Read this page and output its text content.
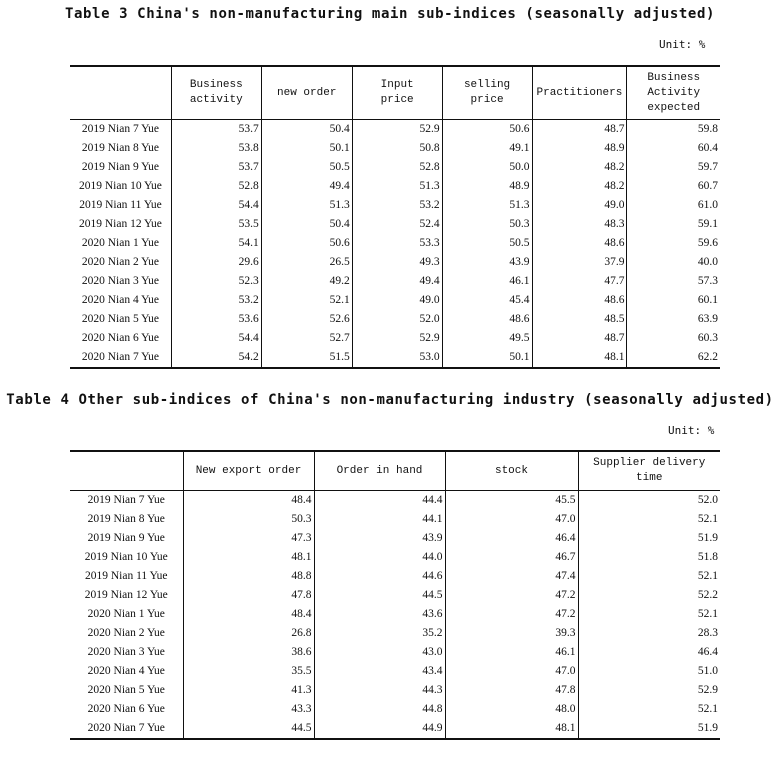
Table 3 China's non-manufacturing main sub-indices (seasonally adjusted)
Unit: %
	Business activity	new order	Input price	selling price	Practitioners	Business Activity expected
2019 Nian 7 Yue	53.7	50.4	52.9	50.6	48.7	59.8
2019 Nian 8 Yue	53.8	50.1	50.8	49.1	48.9	60.4
2019 Nian 9 Yue	53.7	50.5	52.8	50.0	48.2	59.7
2019 Nian 10 Yue	52.8	49.4	51.3	48.9	48.2	60.7
2019 Nian 11 Yue	54.4	51.3	53.2	51.3	49.0	61.0
2019 Nian 12 Yue	53.5	50.4	52.4	50.3	48.3	59.1
2020 Nian 1 Yue	54.1	50.6	53.3	50.5	48.6	59.6
2020 Nian 2 Yue	29.6	26.5	49.3	43.9	37.9	40.0
2020 Nian 3 Yue	52.3	49.2	49.4	46.1	47.7	57.3
2020 Nian 4 Yue	53.2	52.1	49.0	45.4	48.6	60.1
2020 Nian 5 Yue	53.6	52.6	52.0	48.6	48.5	63.9
2020 Nian 6 Yue	54.4	52.7	52.9	49.5	48.7	60.3
2020 Nian 7 Yue	54.2	51.5	53.0	50.1	48.1	62.2
Table 4 Other sub-indices of China's non-manufacturing industry (seasonally adjusted)
Unit: %
	New export order	Order in hand	stock	Supplier delivery time
2019 Nian 7 Yue	48.4	44.4	45.5	52.0
2019 Nian 8 Yue	50.3	44.1	47.0	52.1
2019 Nian 9 Yue	47.3	43.9	46.4	51.9
2019 Nian 10 Yue	48.1	44.0	46.7	51.8
2019 Nian 11 Yue	48.8	44.6	47.4	52.1
2019 Nian 12 Yue	47.8	44.5	47.2	52.2
2020 Nian 1 Yue	48.4	43.6	47.2	52.1
2020 Nian 2 Yue	26.8	35.2	39.3	28.3
2020 Nian 3 Yue	38.6	43.0	46.1	46.4
2020 Nian 4 Yue	35.5	43.4	47.0	51.0
2020 Nian 5 Yue	41.3	44.3	47.8	52.9
2020 Nian 6 Yue	43.3	44.8	48.0	52.1
2020 Nian 7 Yue	44.5	44.9	48.1	51.9
